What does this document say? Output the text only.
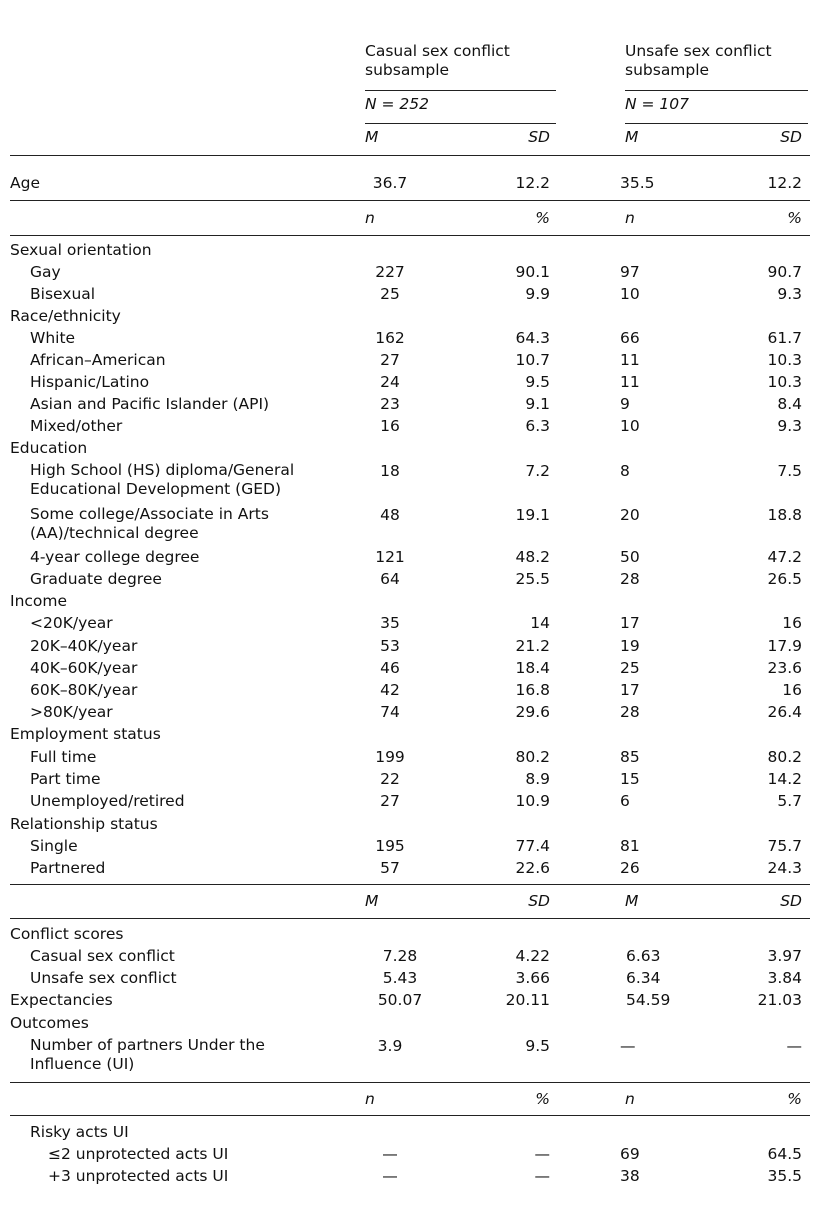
Casual sex conflict subsample
Unsafe sex conflict subsample
N = 252	N = 107
M	SD	M	SD
Age	36.7	12.2	35.5	12.2
n	%	n	%
Sexual orientation
Gay	227	90.1	97	90.7
Bisexual	25	9.9	10	9.3
Race/ethnicity
White	162	64.3	66	61.7
African–American	27	10.7	11	10.3
Hispanic/Latino	24	9.5	11	10.3
Asian and Pacific Islander (API)	23	9.1	9	8.4
Mixed/other	16	6.3	10	9.3
Education
High School (HS) diploma/General Educational Development (GED)
18	7.2	8	7.5
Some college/Associate in Arts (AA)/technical degree
48	19.1	20	18.8
4-year college degree	121	48.2	50	47.2
Graduate degree	64	25.5	28	26.5
Income
<20K/year	35	14	17	16
20K–40K/year	53	21.2	19	17.9
40K–60K/year	46	18.4	25	23.6
60K–80K/year	42	16.8	17	16
>80K/year	74	29.6	28	26.4
Employment status
Full time	199	80.2	85	80.2
Part time	22	8.9	15	14.2
Unemployed/retired	27	10.9	6	5.7
Relationship status
Single	195	77.4	81	75.7
Partnered	57	22.6	26	24.3
M	SD	M	SD
Conflict scores
Casual sex conflict	7.28	4.22	6.63	3.97
Unsafe sex conflict	5.43	3.66	6.34	3.84
Expectancies	50.07	20.11	54.59	21.03
Outcomes
Number of partners Under the Influence (UI)
3.9	9.5	—	—
n	%	n	%
Risky acts UI
≤2 unprotected acts UI	—	—	69	64.5
+3 unprotected acts UI	—	—	38	35.5
